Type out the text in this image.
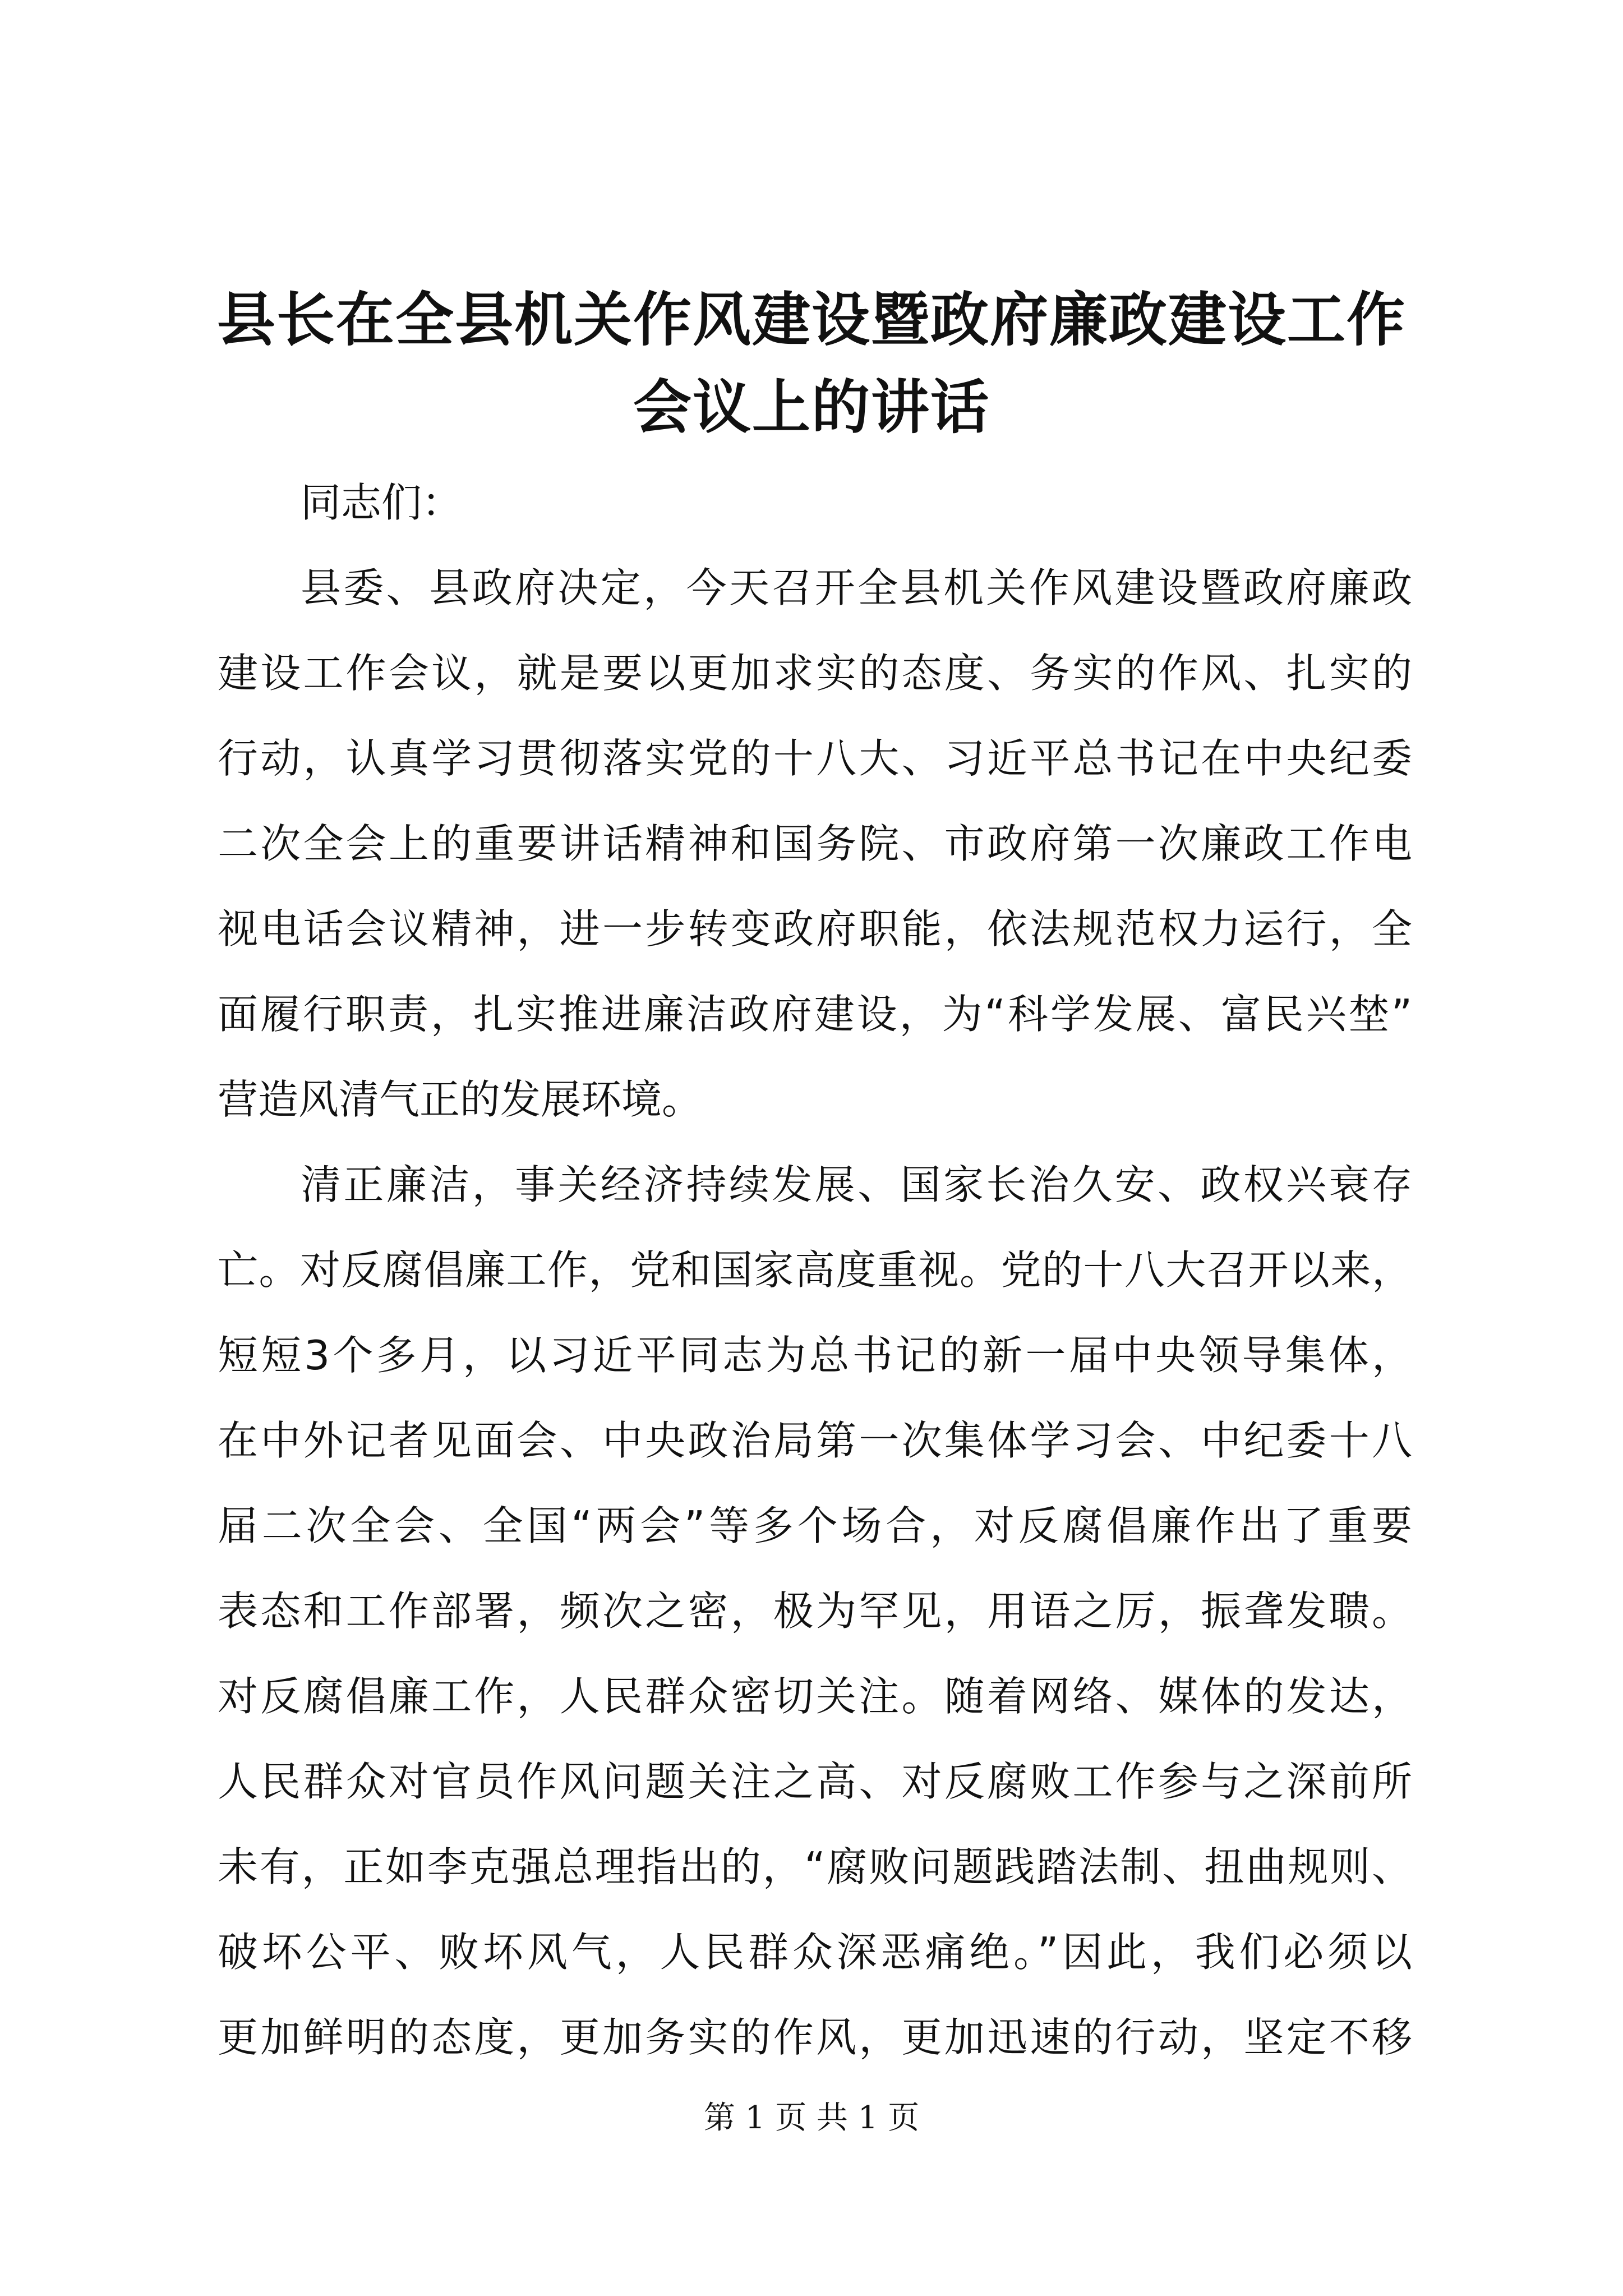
县长在全县机关作风建设暨政府廉政建设工作
会议上的讲话
同志们：
县委、县政府决定，今天召开全县机关作风建设暨政府廉政
建设工作会议，就是要以更加求实的态度、务实的作风、扎实的
行动，认真学习贯彻落实党的十八大、习近平总书记在中央纪委
二次全会上的重要讲话精神和国务院、市政府第一次廉政工作电
视电话会议精神，进一步转变政府职能，依法规范权力运行，全
面履行职责，扎实推进廉洁政府建设，为“科学发展、富民兴埜”
营造风清气正的发展环境。
清正廉洁，事关经济持续发展、国家长治久安、政权兴衰存
亡。对反腐倡廉工作，党和国家高度重视。党的十八大召开以来，
短短3个多月，以习近平同志为总书记的新一届中央领导集体，
在中外记者见面会、中央政治局第一次集体学习会、中纪委十八
届二次全会、全国“两会”等多个场合，对反腐倡廉作出了重要
表态和工作部署，频次之密，极为罕见，用语之厉，振聋发聩。
对反腐倡廉工作，人民群众密切关注。随着网络、媒体的发达，
人民群众对官员作风问题关注之高、对反腐败工作参与之深前所
未有，正如李克强总理指出的，“腐败问题践踏法制、扭曲规则、
破坏公平、败坏风气，人民群众深恶痛绝。”因此，我们必须以
更加鲜明的态度，更加务实的作风，更加迅速的行动，坚定不移
第 1 页 共 1 页
